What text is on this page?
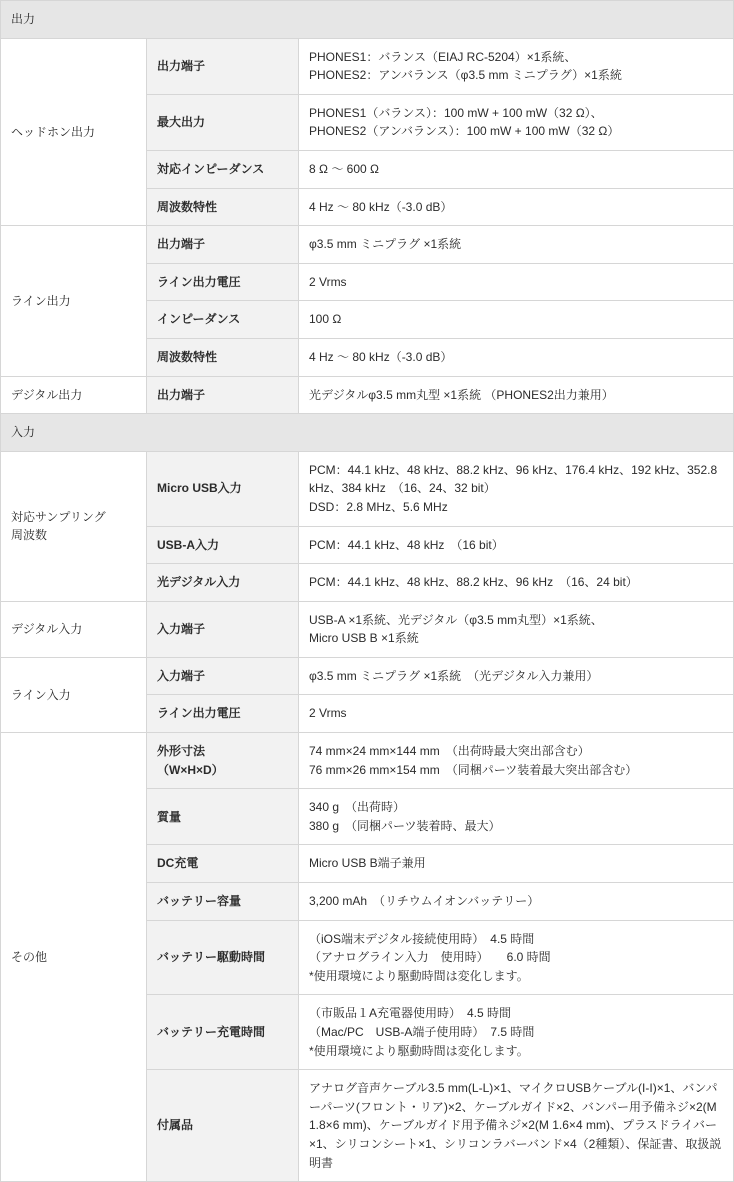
出力		
ヘッドホン出力	出力端子	PHONES1：バランス（EIAJ RC-5204）×1系統、
PHONES2：アンバランス（φ3.5 mm ミニプラグ）×1系統

	最大出力	PHONES1（バランス）：100 mW + 100 mW（32 Ω）、
PHONES2（アンバランス）：100 mW + 100 mW（32 Ω）

	対応インピーダンス	8 Ω 〜 600 Ω
	周波数特性	4 Hz 〜 80 kHz（-3.0 dB）
ライン出力	出力端子	φ3.5 mm ミニプラグ ×1系統
	ライン出力電圧	2 Vrms
	インピーダンス	100 Ω
	周波数特性	4 Hz 〜 80 kHz（-3.0 dB）
デジタル出力	出力端子	光デジタルφ3.5 mm丸型 ×1系統 （PHONES2出力兼用）
入力		

対応サンプリング
周波数	Micro USB入力	PCM：44.1 kHz、48 kHz、88.2 kHz、96 kHz、176.4 kHz、192 kHz、352.8 kHz、384 kHz　（16、24、32 bit）
DSD：2.8 MHz、5.6 MHz

	USB-A入力	PCM：44.1 kHz、48 kHz　（16 bit）
	光デジタル入力	PCM：44.1 kHz、48 kHz、88.2 kHz、96 kHz　（16、24 bit）
デジタル入力	入力端子	USB-A ×1系統、光デジタル（φ3.5 mm丸型）×1系統、
Micro USB B ×1系統

ライン入力	入力端子	φ3.5 mm ミニプラグ ×1系統　（光デジタル入力兼用）
	ライン出力電圧	2 Vrms
その他	外形寸法
（W×H×D）	74 mm×24 mm×144 mm　（出荷時最大突出部含む）
76 mm×26 mm×154 mm　（同梱パーツ装着最大突出部含む）

	質量	340 g　（出荷時）
380 g　（同梱パーツ装着時、最大）

	DC充電	Micro USB B端子兼用
	バッテリー容量	3,200 mAh　（リチウムイオンバッテリー）
	バッテリー駆動時間	（iOS端末デジタル接続使用時）　4.5 時間
（アナログライン入力　使用時）　　6.0 時間
*使用環境により駆動時間は変化します。

	バッテリー充電時間	（市販品１A充電器使用時）　4.5 時間
（Mac/PC　USB-A端子使用時）　7.5 時間
*使用環境により駆動時間は変化します。

	付属品	アナログ音声ケーブル3.5 mm(L-L)×1、マイクロUSBケーブル(I-I)×1、バンパーパーツ(フロント・リア)×2、ケーブルガイド×2、バンパー用予備ネジ×2(M 1.8×6 mm)、ケーブルガイド用予備ネジ×2(M 1.6×4 mm)、プラスドライバー×1、シリコンシート×1、シリコンラバーバンド×4（2種類）、保証書、取扱説明書
